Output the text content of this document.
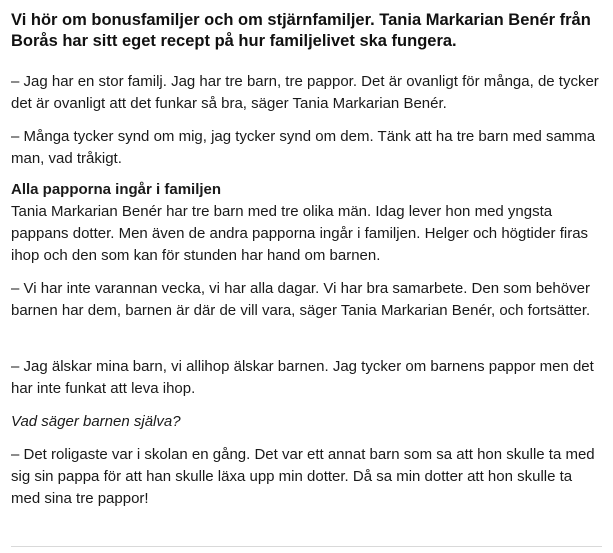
Vi hör om bonusfamiljer och om stjärnfamiljer. Tania Markarian Benér från Borås har sitt eget recept på hur familjelivet ska fungera.

– Jag har en stor familj. Jag har tre barn, tre pappor. Det är ovanligt för många, de tycker det är ovanligt att det funkar så bra, säger Tania Markarian Benér.

– Många tycker synd om mig, jag tycker synd om dem. Tänk att ha tre barn med samma man, vad tråkigt.

Alla papporna ingår i familjen

Tania Markarian Benér har tre barn med tre olika män. Idag lever hon med yngsta pappans dotter. Men även de andra papporna ingår i familjen. Helger och högtider firas ihop och den som kan för stunden har hand om barnen.

– Vi har inte varannan vecka, vi har alla dagar. Vi har bra samarbete. Den som behöver barnen har dem, barnen är där de vill vara, säger Tania Markarian Benér, och fortsätter.

– Jag älskar mina barn, vi allihop älskar barnen. Jag tycker om barnens pappor men det har inte funkat att leva ihop.

Vad säger barnen själva?

– Det roligaste var i skolan en gång. Det var ett annat barn som sa att hon skulle ta med sig sin pappa för att han skulle läxa upp min dotter. Då sa min dotter att hon skulle ta med sina tre pappor!
